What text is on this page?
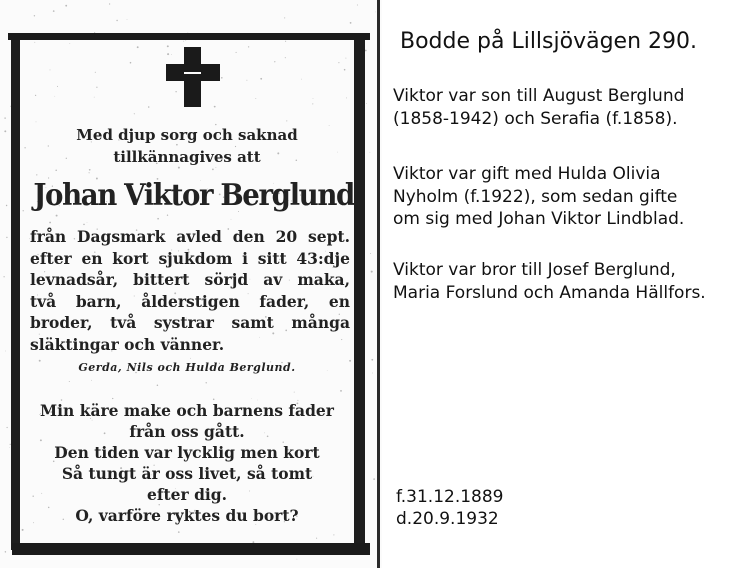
Med djup sorg och saknad
tillkännagives att
Johan Viktor Berglund
från Dagsmark avled den 20 sept.
efter en kort sjukdom i sitt 43:dje
levnadsår, bittert sörjd av maka,
två barn, ålderstigen fader, en
broder, två systrar samt många
släktingar och vänner.
Gerda, Nils och Hulda Berglund.
Min käre make och barnens fader
från oss gått.
Den tiden var lycklig men kort
Så tungt är oss livet, så tomt
efter dig.
O, varföre ryktes du bort?
Bodde på Lillsjövägen 290.
Viktor var son till August Berglund
(1858-1942) och Serafia (f.1858).
Viktor var gift med Hulda Olivia
Nyholm (f.1922), som sedan gifte
om sig med Johan Viktor Lindblad.
Viktor var bror till Josef Berglund,
Maria Forslund och Amanda Hällfors.
f.31.12.1889
d.20.9.1932
